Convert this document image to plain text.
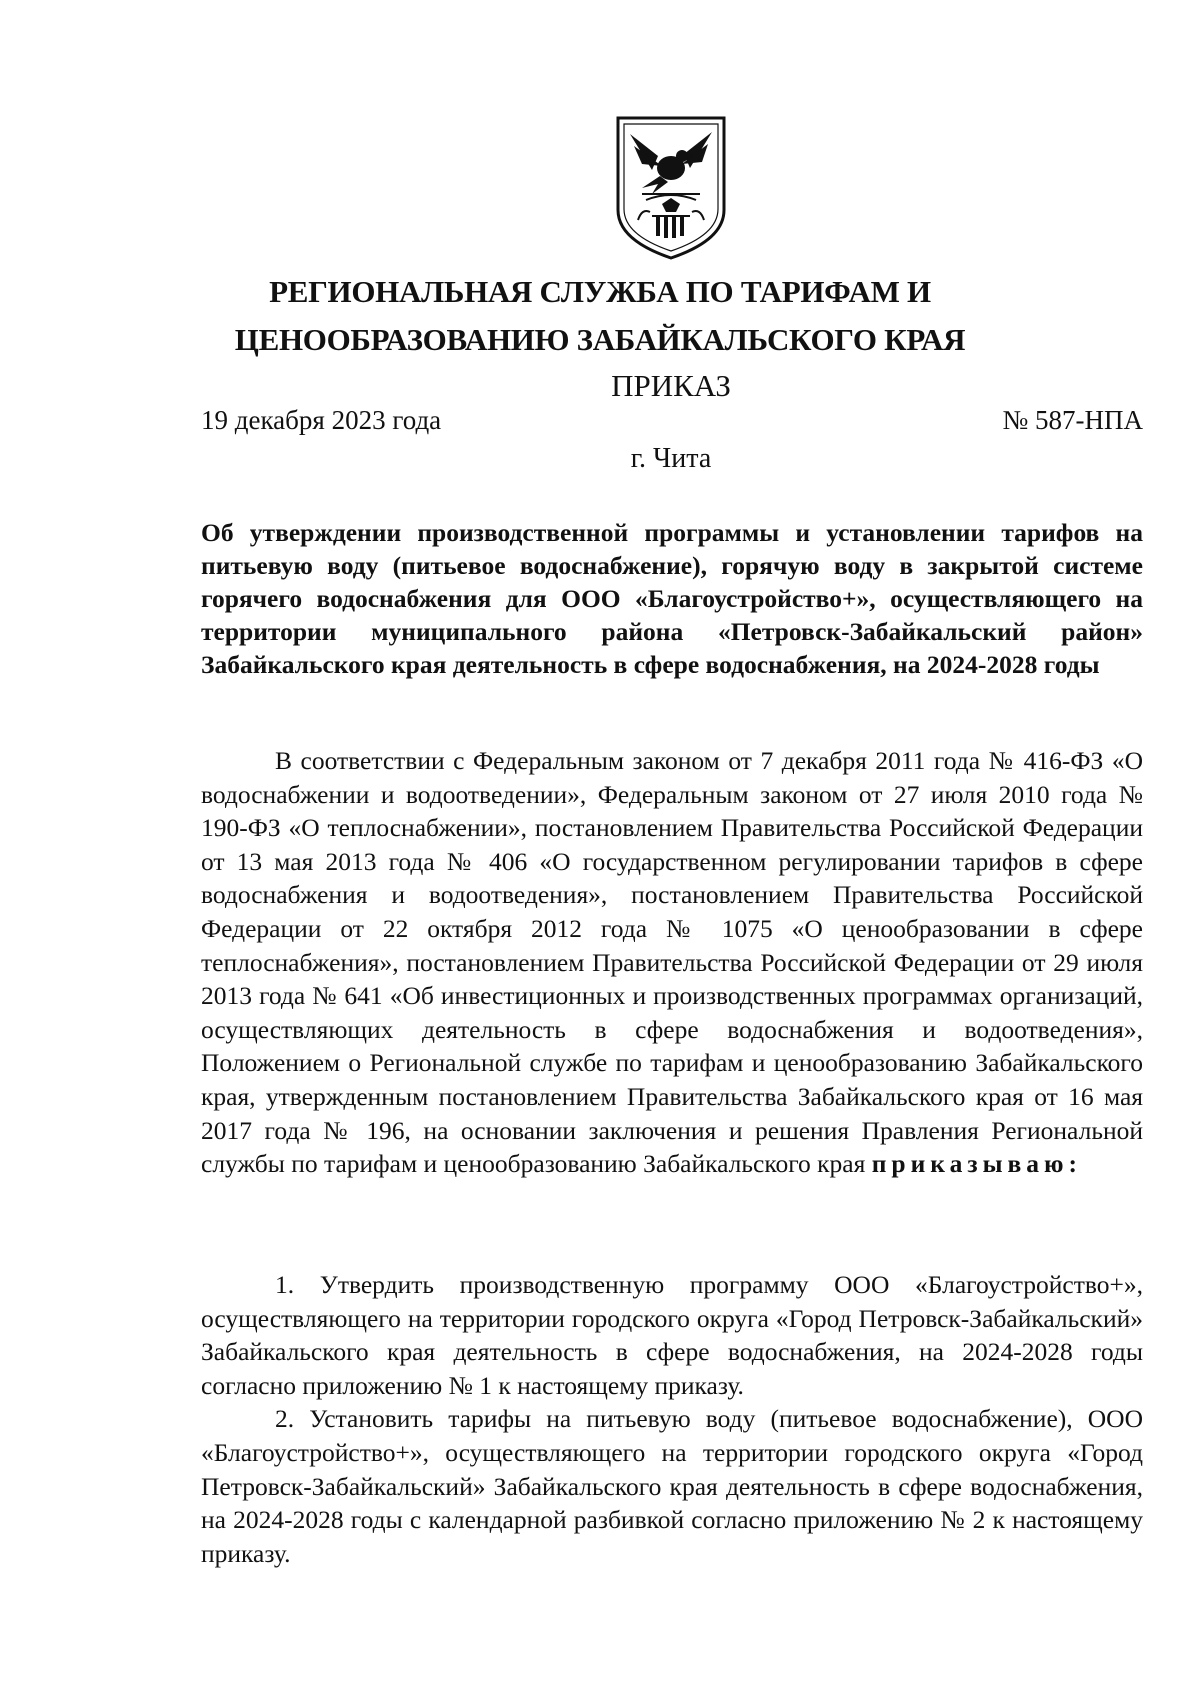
РЕГИОНАЛЬНАЯ СЛУЖБА ПО ТАРИФАМ И
ЦЕНООБРАЗОВАНИЮ ЗАБАЙКАЛЬСКОГО КРАЯ
ПРИКАЗ
19 декабря 2023 года	№ 587-НПА
г. Чита
Об утверждении производственной программы и установлении тарифов на питьевую воду (питьевое водоснабжение), горячую воду в закрытой системе горячего водоснабжения для ООО «Благоустройство+», осуществляющего на территории муниципального района «Петровск-Забайкальский район» Забайкальского края деятельность в сфере водоснабжения, на 2024-2028 годы

В соответствии с Федеральным законом от 7 декабря 2011 года № 416-ФЗ «О водоснабжении и водоотведении», Федеральным законом от 27 июля 2010 года № 190-ФЗ «О теплоснабжении», постановлением Правительства Российской Федерации от 13 мая 2013 года № 406 «О государственном регулировании тарифов в сфере водоснабжения и водоотведения», постановлением Правительства Российской Федерации от 22 октября 2012 года № 1075 «О ценообразовании в сфере теплоснабжения», постановлением Правительства Российской Федерации от 29 июля 2013 года № 641 «Об инвестиционных и производственных программах организаций, осуществляющих деятельность в сфере водоснабжения и водоотведения», Положением о Региональной службе по тарифам и ценообразованию Забайкальского края, утвержденным постановлением Правительства Забайкальского края от 16 мая 2017 года № 196, на основании заключения и решения Правления Региональной службы по тарифам и ценообразованию Забайкальского края приказываю:

1. Утвердить производственную программу ООО «Благоустройство+», осуществляющего на территории городского округа «Город Петровск-Забайкальский» Забайкальского края деятельность в сфере водоснабжения, на 2024-2028 годы согласно приложению № 1 к настоящему приказу.

2. Установить тарифы на питьевую воду (питьевое водоснабжение), ООО «Благоустройство+», осуществляющего на территории городского округа «Город Петровск-Забайкальский» Забайкальского края деятельность в сфере водоснабжения, на 2024-2028 годы с календарной разбивкой согласно приложению № 2 к настоящему приказу.
